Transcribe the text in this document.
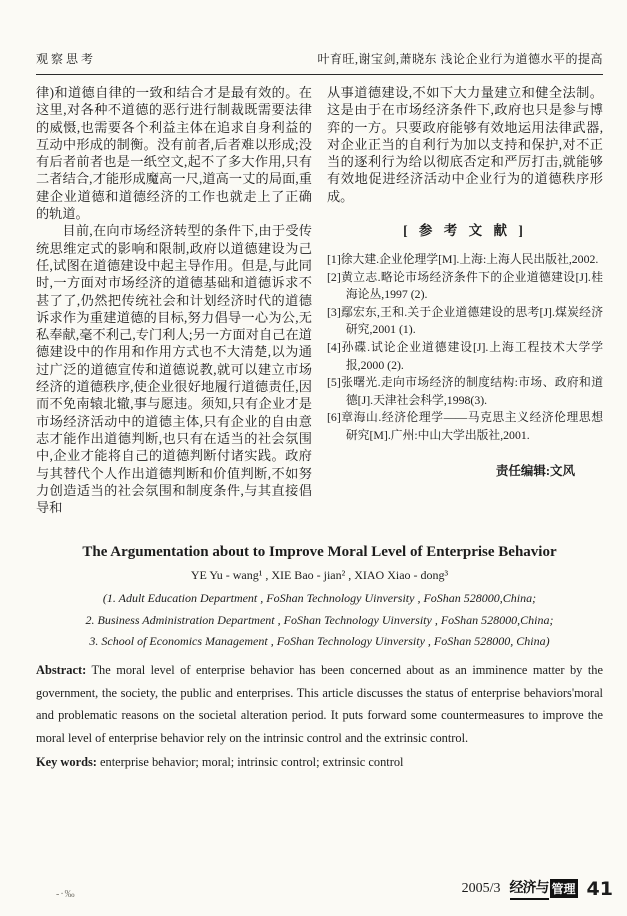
观察思考	叶育旺,谢宝剑,萧晓东 浅论企业行为道德水平的提高

律)和道德自律的一致和结合才是最有效的。在这里,对各种不道德的恶行进行制裁既需要法律的威慑,也需要各个利益主体在追求自身利益的互动中形成的制衡。没有前者,后者难以形成;没有后者前者也是一纸空文,起不了多大作用,只有二者结合,才能形成魔高一尺,道高一丈的局面,重建企业道德和道德经济的工作也就走上了正确的轨道。

目前,在向市场经济转型的条件下,由于受传统思维定式的影响和限制,政府以道德建设为己任,试图在道德建设中起主导作用。但是,与此同时,一方面对市场经济的道德基础和道德诉求不甚了了,仍然把传统社会和计划经济时代的道德诉求作为重建道德的目标,努力倡导一心为公,无私奉献,毫不利己,专门利人;另一方面对自己在道德建设中的作用和作用方式也不大清楚,以为通过广泛的道德宣传和道德说教,就可以建立市场经济的道德秩序,使企业很好地履行道德责任,因而不免南辕北辙,事与愿违。须知,只有企业才是市场经济活动中的道德主体,只有企业的自由意志才能作出道德判断,也只有在适当的社会氛围中,企业才能将自己的道德判断付诸实践。政府与其替代个人作出道德判断和价值判断,不如努力创造适当的社会氛围和制度条件,与其直接倡导和

从事道德建设,不如下大力量建立和健全法制。这是由于在市场经济条件下,政府也只是参与博弈的一方。只要政府能够有效地运用法律武器,对企业正当的自利行为加以支持和保护,对不正当的逐利行为给以彻底否定和严厉打击,就能够有效地促进经济活动中企业行为的道德秩序形成。

[ 参 考 文 献 ]

[1]徐大建.企业伦理学[M].上海:上海人民出版社,2002.

[2]黄立志.略论市场经济条件下的企业道德建设[J].桂海论丛,1997 (2).

[3]鄢宏东,王和.关于企业道德建设的思考[J].煤炭经济研究,2001 (1).

[4]孙碟.试论企业道德建设[J].上海工程技术大学学报,2000 (2).

[5]张曙光.走向市场经济的制度结构:市场、政府和道德[J].天津社会科学,1998(3).

[6]章海山.经济伦理学——马克思主义经济伦理思想研究[M].广州:中山大学出版社,2001.

责任编辑:文风

The Argumentation about to Improve Moral Level of Enterprise Behavior

YE Yu - wang¹ , XIE Bao - jian² , XIAO Xiao - dong³

(1. Adult Education Department , FoShan Technology Uinversity , FoShan 528000,China;

2. Business Administration Department , FoShan Technology Uinversity , FoShan 528000,China;

3. School of Economics Management , FoShan Technology Uinversity , FoShan 528000, China)

Abstract: The moral level of enterprise behavior has been concerned about as an imminence matter by the government, the society, the public and enterprises. This article discusses the status of enterprise behaviors'moral and problematic reasons on the societal alteration period. It puts forward some countermeasures to improve the moral level of enterprise behavior rely on the intrinsic control and the extrinsic control.

Key words: enterprise behavior; moral; intrinsic control; extrinsic control

-·‰	2005/3 经济与 管理 41
